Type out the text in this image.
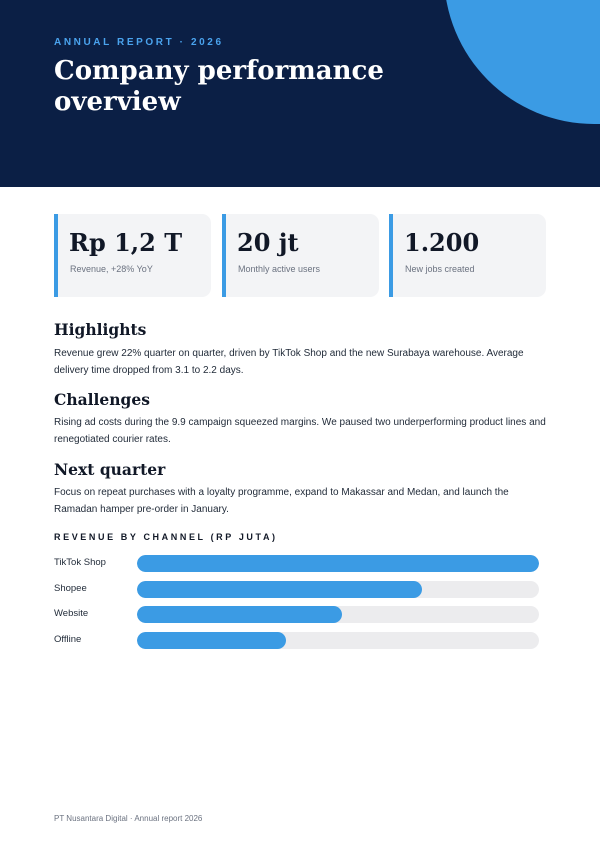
ANNUAL REPORT · 2026
Company performance overview
Rp 1,2 T
Revenue, +28% YoY
20 jt
Monthly active users
1.200
New jobs created
Highlights
Revenue grew 22% quarter on quarter, driven by TikTok Shop and the new Surabaya warehouse. Average delivery time dropped from 3.1 to 2.2 days.
Challenges
Rising ad costs during the 9.9 campaign squeezed margins. We paused two underperforming product lines and renegotiated courier rates.
Next quarter
Focus on repeat purchases with a loyalty programme, expand to Makassar and Medan, and launch the Ramadan hamper pre-order in January.
REVENUE BY CHANNEL (RP JUTA)
TikTok Shop
Shopee
Website
Offline
PT Nusantara Digital · Annual report 2026
